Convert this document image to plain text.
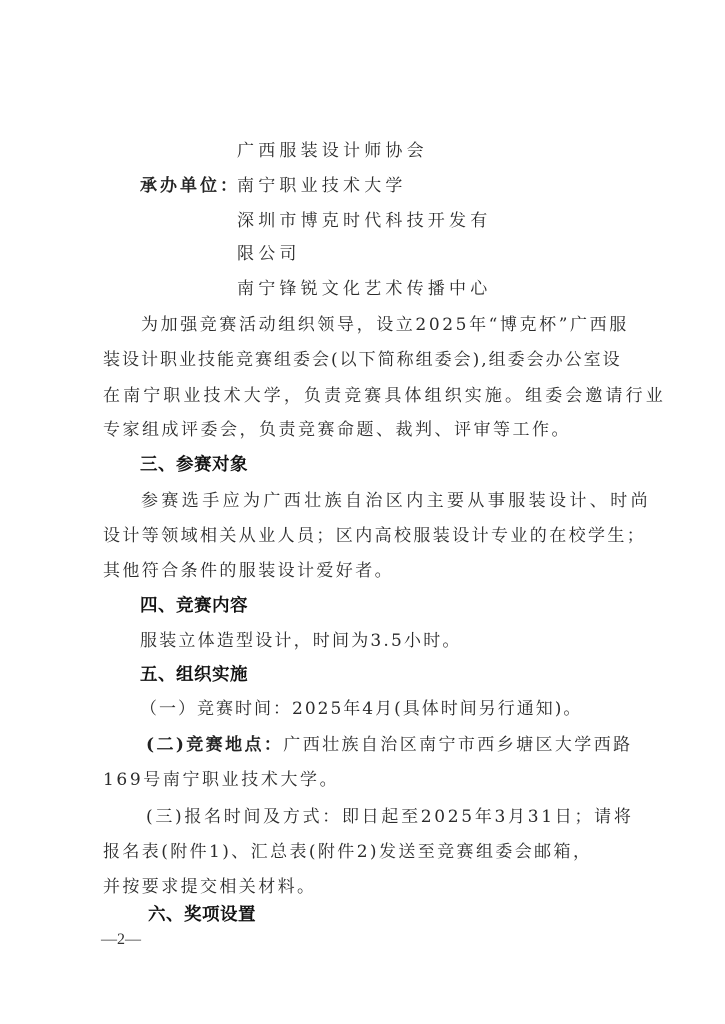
广西服装设计师协会
承办单位：
南宁职业技术大学
深圳市博克时代科技开发有
限公司
南宁锋锐文化艺术传播中心
为加强竞赛活动组织领导，设立2025年“博克杯”广西服
装设计职业技能竞赛组委会(以下简称组委会),组委会办公室设
在南宁职业技术大学，负责竞赛具体组织实施。组委会邀请行业
专家组成评委会，负责竞赛命题、裁判、评审等工作。
三、参赛对象
参赛选手应为广西壮族自治区内主要从事服装设计、时尚
设计等领域相关从业人员；区内高校服装设计专业的在校学生；
其他符合条件的服装设计爱好者。
四、竞赛内容
服装立体造型设计，时间为3.5小时。
五、组织实施
（一）竞赛时间：2025年4月(具体时间另行通知)。
(二)竞赛地点：广西壮族自治区南宁市西乡塘区大学西路
169号南宁职业技术大学。
(三)报名时间及方式：即日起至2025年3月31日；请将
报名表(附件1)、汇总表(附件2)发送至竞赛组委会邮箱，
并按要求提交相关材料。
六、奖项设置
—2—
